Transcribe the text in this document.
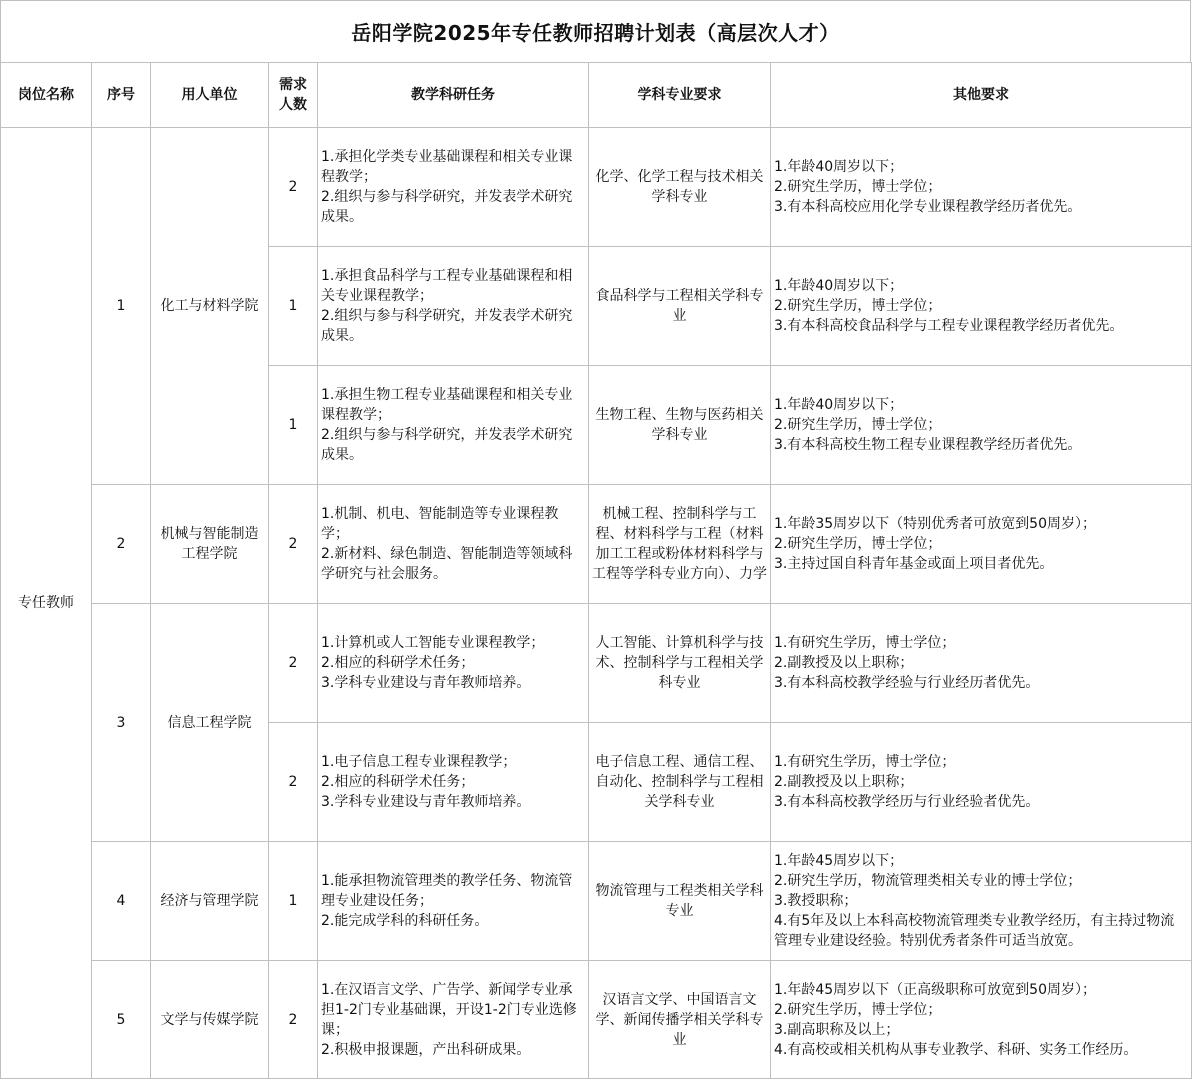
岳阳学院2025年专任教师招聘计划表（高层次人才）
岗位名称	序号	用人单位	需求人数	教学科研任务	学科专业要求	其他要求
专任教师	1	化工与材料学院	2	1.承担化学类专业基础课程和相关专业课程教学；
2.组织与参与科学研究，并发表学术研究成果。	化学、化学工程与技术相关学科专业	1.年龄40周岁以下；
2.研究生学历，博士学位；
3.有本科高校应用化学专业课程教学经历者优先。

			1	1.承担食品科学与工程专业基础课程和相关专业课程教学；
2.组织与参与科学研究，并发表学术研究成果。	食品科学与工程相关学科专业	1.年龄40周岁以下；
2.研究生学历，博士学位；
3.有本科高校食品科学与工程专业课程教学经历者优先。

			1	1.承担生物工程专业基础课程和相关专业课程教学；
2.组织与参与科学研究，并发表学术研究成果。	生物工程、生物与医药相关学科专业	1.年龄40周岁以下；
2.研究生学历，博士学位；
3.有本科高校生物工程专业课程教学经历者优先。

	2	机械与智能制造工程学院	2	1.机制、机电、智能制造等专业课程教学；
2.新材料、绿色制造、智能制造等领域科学研究与社会服务。	机械工程、控制科学与工程、材料科学与工程（材料加工工程或粉体材料科学与工程等学科专业方向）、力学	1.年龄35周岁以下（特别优秀者可放宽到50周岁）；
2.研究生学历，博士学位；
3.主持过国自科青年基金或面上项目者优先。

	3	信息工程学院	2	1.计算机或人工智能专业课程教学；
2.相应的科研学术任务；
3.学科专业建设与青年教师培养。	人工智能、计算机科学与技术、控制科学与工程相关学科专业	1.有研究生学历，博士学位；
2.副教授及以上职称；
3.有本科高校教学经验与行业经历者优先。

			2	1.电子信息工程专业课程教学；
2.相应的科研学术任务；
3.学科专业建设与青年教师培养。	电子信息工程、通信工程、自动化、控制科学与工程相关学科专业	1.有研究生学历，博士学位；
2.副教授及以上职称；
3.有本科高校教学经历与行业经验者优先。

	4	经济与管理学院	1	1.能承担物流管理类的教学任务、物流管理专业建设任务；
2.能完成学科的科研任务。	物流管理与工程类相关学科专业	1.年龄45周岁以下；
2.研究生学历，物流管理类相关专业的博士学位；
3.教授职称；
4.有5年及以上本科高校物流管理类专业教学经历，有主持过物流管理专业建设经验。特别优秀者条件可适当放宽。

	5	文学与传媒学院	2	1.在汉语言文学、广告学、新闻学专业承担1-2门专业基础课，开设1-2门专业选修课；
2.积极申报课题，产出科研成果。	汉语言文学、中国语言文学、新闻传播学相关学科专业	1.年龄45周岁以下（正高级职称可放宽到50周岁）；
2.研究生学历，博士学位；
3.副高职称及以上；
4.有高校或相关机构从事专业教学、科研、实务工作经历。
